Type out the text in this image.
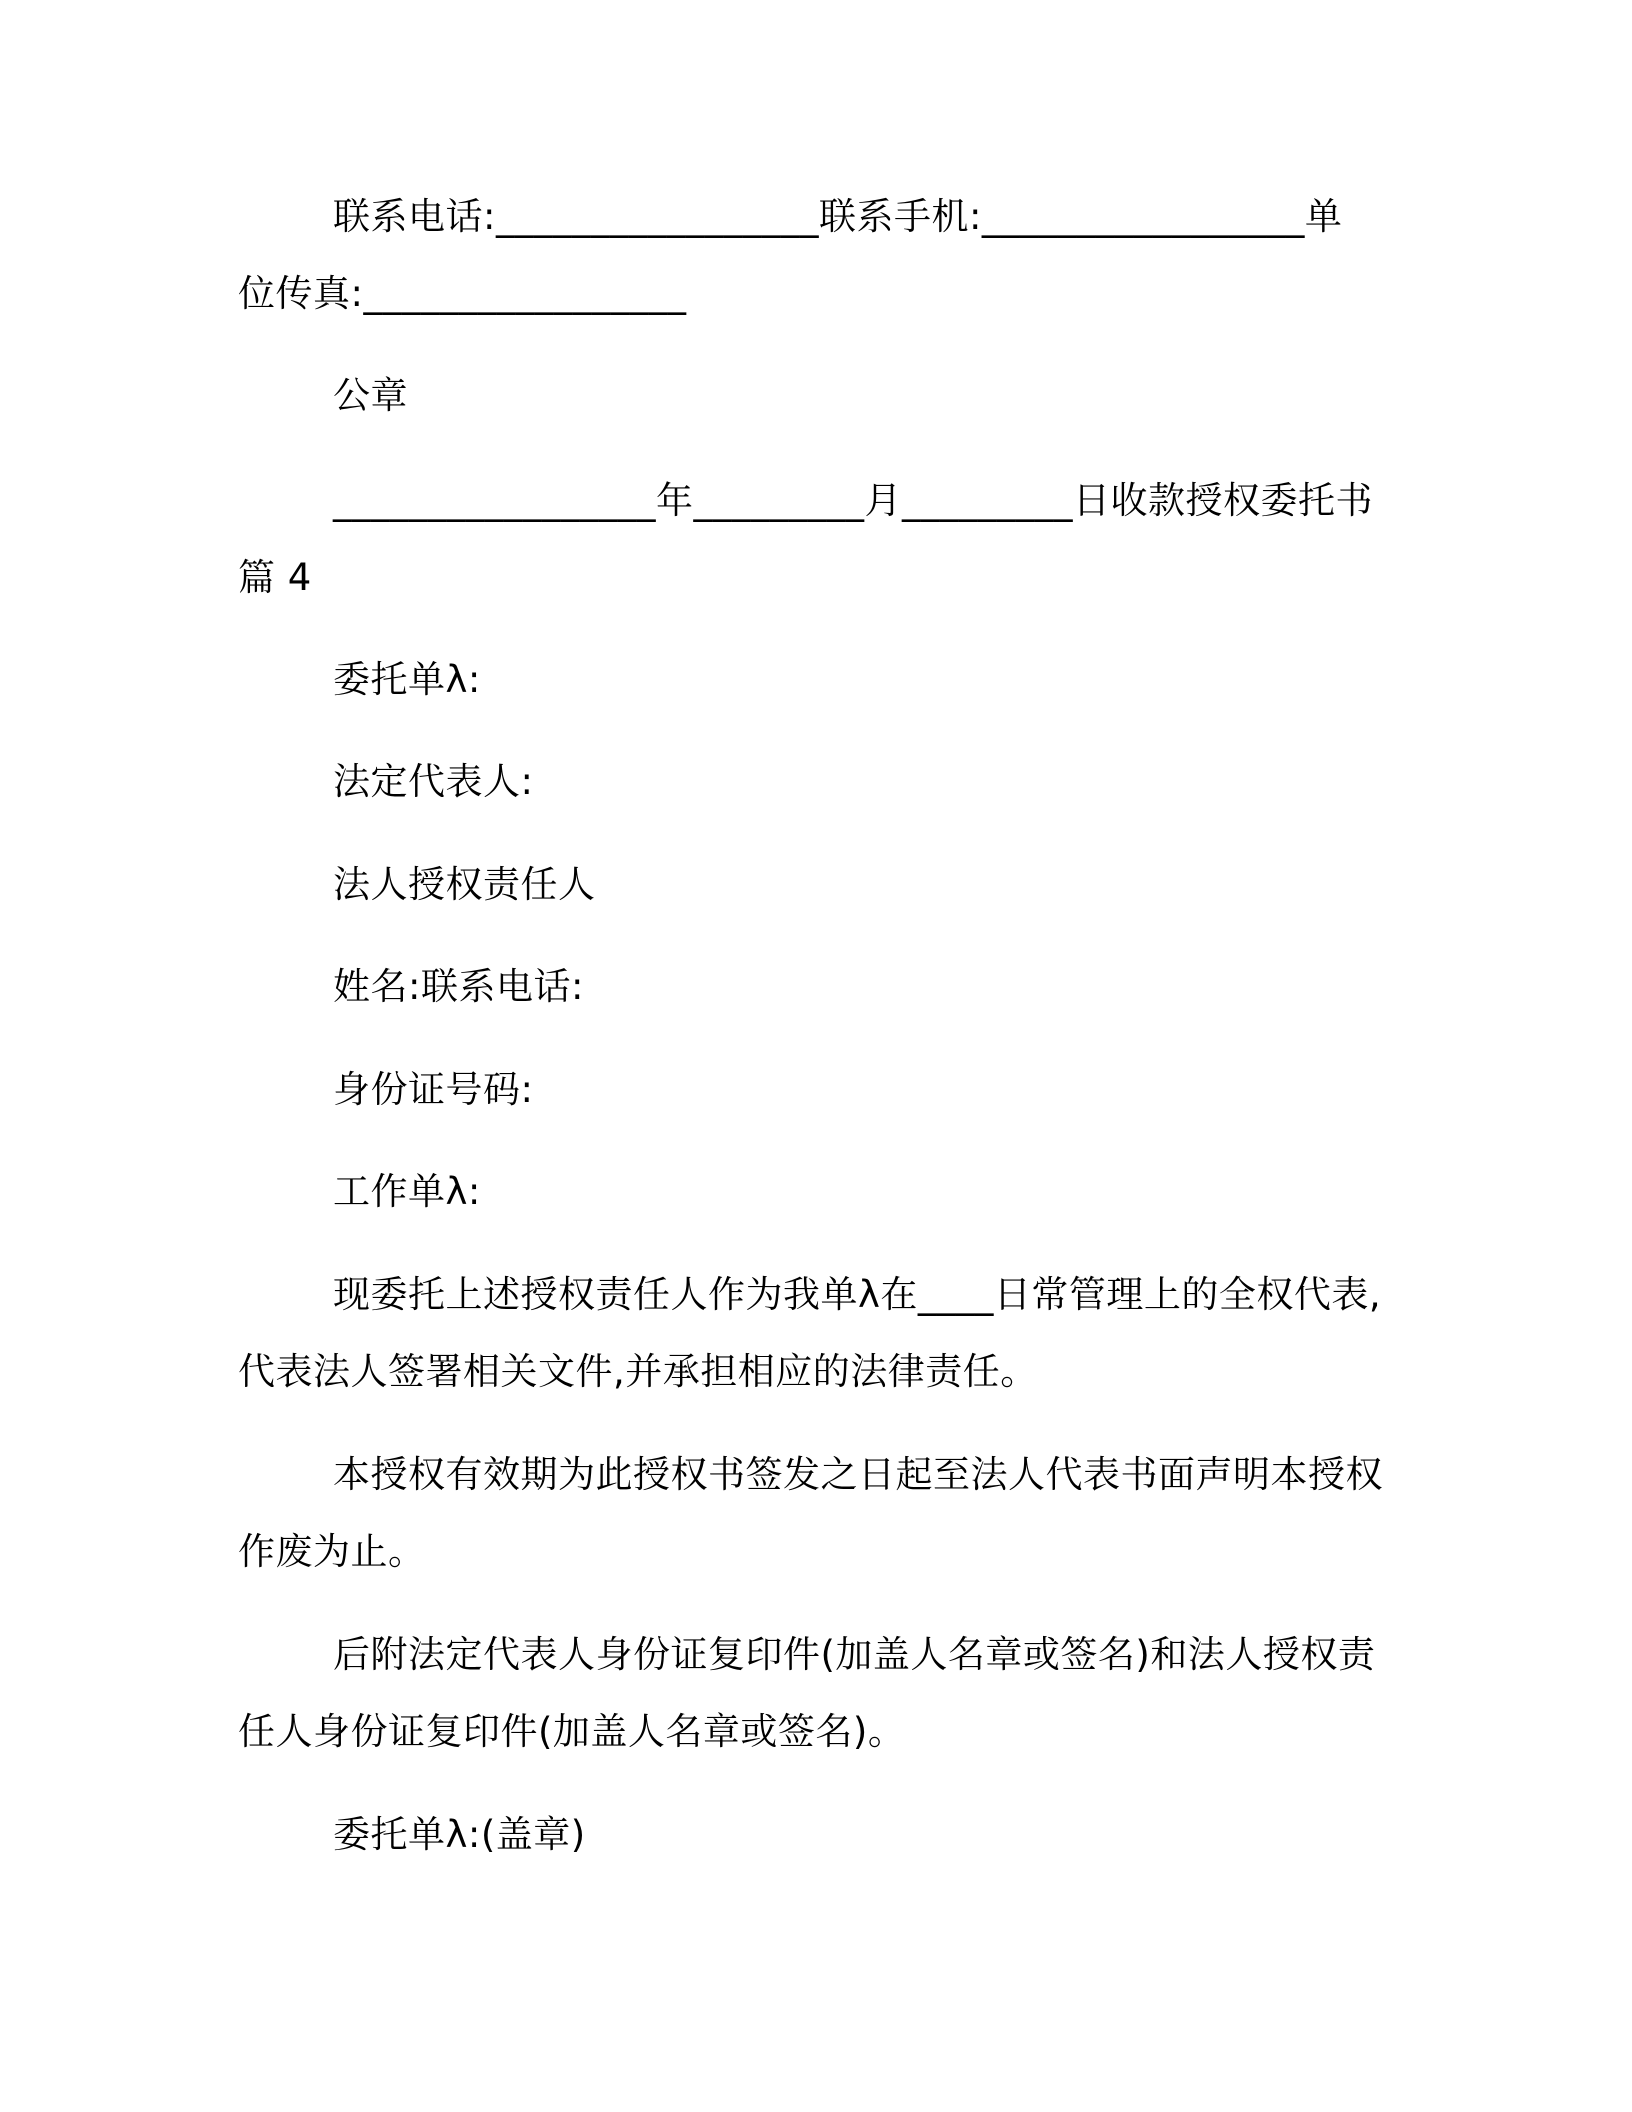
联系电话:_________________联系手机:_________________单
位传真:_________________
公章
_________________年_________月_________日收款授权委托书
篇 4
委托单λ:
法定代表人:
法人授权责任人
姓名:联系电话:
身份证号码:
工作单λ:
现委托上述授权责任人作为我单λ在____日常管理上的全权代表,
代表法人签署相关文件,并承担相应的法律责任。
本授权有效期为此授权书签发之日起至法人代表书面声明本授权
作废为止。
后附法定代表人身份证复印件(加盖人名章或签名)和法人授权责
任人身份证复印件(加盖人名章或签名)。
委托单λ:(盖章)
